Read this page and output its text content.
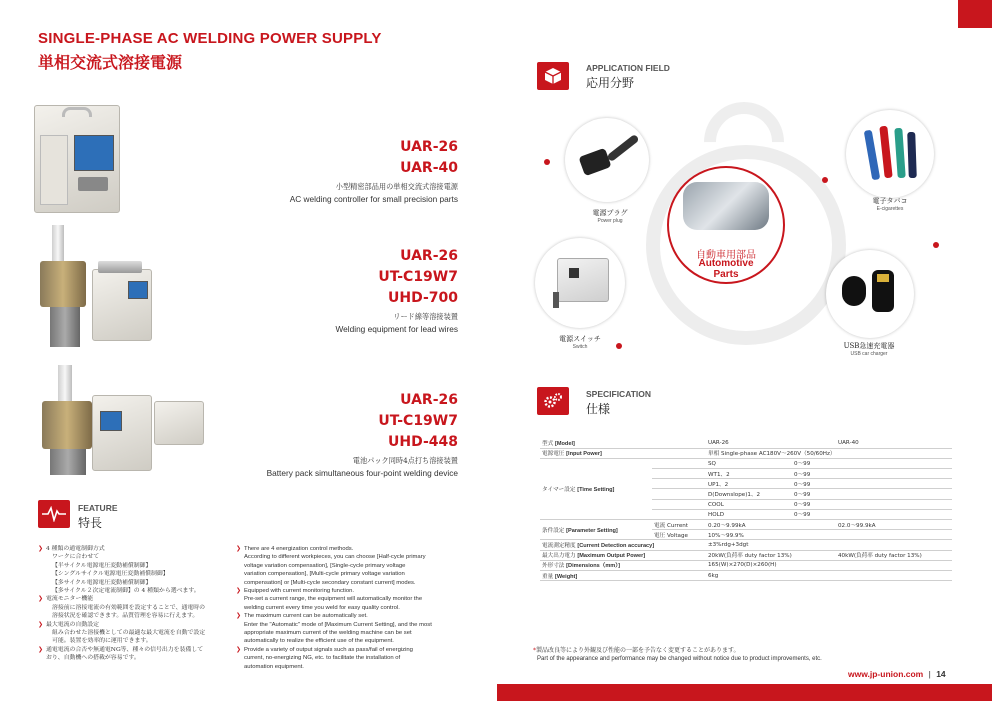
SINGLE-PHASE AC WELDING POWER SUPPLY
単相交流式溶接電源
UAR-26
UAR-40
小型精密部品用の単相交流式溶接電源
AC welding controller for small precision parts
UAR-26
UT-C19W7
UHD-700
リード線等溶接装置
Welding equipment for lead wires
UAR-26
UT-C19W7
UHD-448
電池パック同時4点打ち溶接装置
Battery pack simultaneous four-point welding device
FEATURE
特長
❯ 4 種類の通電制御方式
ワークに合わせて
【半サイクル電源電圧変動補償制御】
【シングルサイクル電源電圧変動補償制御】
【多サイクル電源電圧変動補償制御】
【多サイクル２次定電流制御】の 4 種類から選べます。
❯ 電流モニター機能
溶接前に溶接電流の有効範囲を設定することで、通電時の
溶接状況を確認できます。品質管理を容易に行えます。
❯ 最大電流の自動設定
組み合わせた溶接機としての最適な最大電流を自動で設定
可能。装置を効率的に運用できます。
❯ 通電電流の合否や無通電NG等、種々の信号出力を装備して
おり、自動機への搭載が容易です。
❯ There are 4 energization control methods.
According to different workpieces, you can choose [Half-cycle primary
voltage variation compensation], [Single-cycle primary voltage
variation compensation], [Multi-cycle primary voltage variation
compensation] or [Multi-cycle secondary constant current] modes.
❯ Equipped with current monitoring function.
Pre-set a current range, the equipment will automatically monitor the
welding current every time you weld for easy quality control.
❯ The maximum current can be automatically set.
Enter the "Automatic" mode of [Maximum Current Setting], and the most
appropriate maximum current of the welding machine can be set
automatically to realize the efficient use of the equipment.
❯ Provide a variety of output signals such as pass/fail of energizing
current, no-energizing NG, etc. to facilitate the installation of
automation equipment.
APPLICATION FIELD
応用分野
自動車用部品
Automotive
Parts
電源プラグ
Power plug
電子タバコ
E-cigarettes
電源スイッチ
Switch	USB急速充電器
USB car charger
SPECIFICATION
仕様
型式 [Model]		UAR-26	UAR-40
電源電圧 [Input Power]		単相 Single-phase AC180V～260V（50/60Hz）	
タイマー設定 [Time Setting]		SQ 0～99	
		WT1、2 0～99	
		UP1、2 0～99	
		D(Downslope)1、2 0～99	
		COOL 0～99	
		HOLD 0～99	
条件設定 [Parameter Setting]	電流 Current	0.20～9.99kA	02.0～99.9kA
	電圧 Voltage	10%～99.9%	
電流測定精度 [Current Detection accuracy]		±3%rdg+3dgt	
最大出力電力 [Maximum Output Power]		20kW(負荷率 duty factor 13%)	40kW(負荷率 duty factor 13%)
外形寸法 [Dimensions（mm）]		165(W)×270(D)×260(H)	
重量 [Weight]		6kg	
*製品改良等により外観及び性能の一部を予告なく変更することがあります。
Part of the appearance and performance may be changed without notice due to product improvements, etc.
www.jp-union.com | 14
